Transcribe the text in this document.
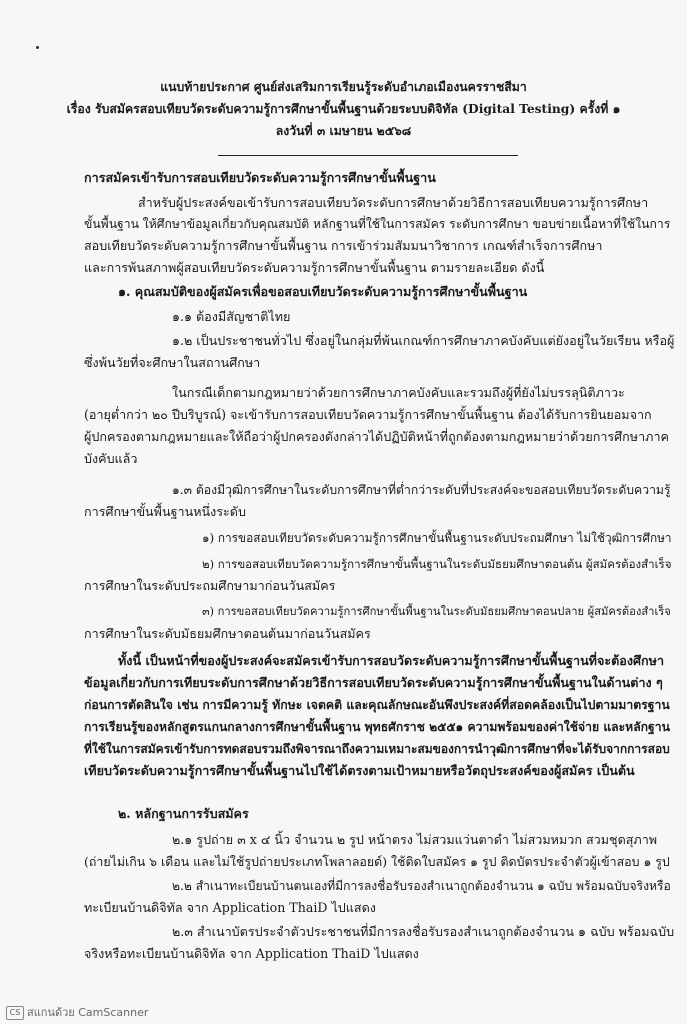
แนบท้ายประกาศ ศูนย์ส่งเสริมการเรียนรู้ระดับอำเภอเมืองนครราชสีมา
เรื่อง รับสมัครสอบเทียบวัดระดับความรู้การศึกษาขั้นพื้นฐานด้วยระบบดิจิทัล (Digital Testing) ครั้งที่ ๑
ลงวันที่ ๓ เมษายน ๒๕๖๘
การสมัครเข้ารับการสอบเทียบวัดระดับความรู้การศึกษาขั้นพื้นฐาน
สำหรับผู้ประสงค์ขอเข้ารับการสอบเทียบวัดระดับการศึกษาด้วยวิธีการสอบเทียบความรู้การศึกษา
ขั้นพื้นฐาน ให้ศึกษาข้อมูลเกี่ยวกับคุณสมบัติ หลักฐานที่ใช้ในการสมัคร ระดับการศึกษา ขอบข่ายเนื้อหาที่ใช้ในการ
สอบเทียบวัดระดับความรู้การศึกษาขั้นพื้นฐาน การเข้าร่วมสัมมนาวิชาการ เกณฑ์สำเร็จการศึกษา
และการพ้นสภาพผู้สอบเทียบวัดระดับความรู้การศึกษาขั้นพื้นฐาน ตามรายละเอียด ดังนี้
๑. คุณสมบัติของผู้สมัครเพื่อขอสอบเทียบวัดระดับความรู้การศึกษาขั้นพื้นฐาน
๑.๑ ต้องมีสัญชาติไทย
๑.๒ เป็นประชาชนทั่วไป ซึ่งอยู่ในกลุ่มที่พ้นเกณฑ์การศึกษาภาคบังคับแต่ยังอยู่ในวัยเรียน หรือผู้
ซึ่งพ้นวัยที่จะศึกษาในสถานศึกษา
ในกรณีเด็กตามกฎหมายว่าด้วยการศึกษาภาคบังคับและรวมถึงผู้ที่ยังไม่บรรลุนิติภาวะ
(อายุต่ำกว่า ๒๐ ปีบริบูรณ์) จะเข้ารับการสอบเทียบวัดความรู้การศึกษาขั้นพื้นฐาน ต้องได้รับการยินยอมจาก
ผู้ปกครองตามกฎหมายและให้ถือว่าผู้ปกครองดังกล่าวได้ปฏิบัติหน้าที่ถูกต้องตามกฎหมายว่าด้วยการศึกษาภาค
บังคับแล้ว
๑.๓ ต้องมีวุฒิการศึกษาในระดับการศึกษาที่ต่ำกว่าระดับที่ประสงค์จะขอสอบเทียบวัดระดับความรู้
การศึกษาขั้นพื้นฐานหนึ่งระดับ
๑) การขอสอบเทียบวัดระดับความรู้การศึกษาขั้นพื้นฐานระดับประถมศึกษา ไม่ใช้วุฒิการศึกษา
๒) การขอสอบเทียบวัดความรู้การศึกษาขั้นพื้นฐานในระดับมัธยมศึกษาตอนต้น ผู้สมัครต้องสำเร็จ
การศึกษาในระดับประถมศึกษามาก่อนวันสมัคร
๓) การขอสอบเทียบวัดความรู้การศึกษาขั้นพื้นฐานในระดับมัธยมศึกษาตอนปลาย ผู้สมัครต้องสำเร็จ
การศึกษาในระดับมัธยมศึกษาตอนต้นมาก่อนวันสมัคร
ทั้งนี้ เป็นหน้าที่ของผู้ประสงค์จะสมัครเข้ารับการสอบวัดระดับความรู้การศึกษาขั้นพื้นฐานที่จะต้องศึกษา
ข้อมูลเกี่ยวกับการเทียบระดับการศึกษาด้วยวิธีการสอบเทียบวัดระดับความรู้การศึกษาขั้นพื้นฐานในด้านต่าง ๆ
ก่อนการตัดสินใจ เช่น การมีความรู้ ทักษะ เจตคติ และคุณลักษณะอันพึงประสงค์ที่สอดคล้องเป็นไปตามมาตรฐาน
การเรียนรู้ของหลักสูตรแกนกลางการศึกษาขั้นพื้นฐาน พุทธศักราช ๒๕๕๑ ความพร้อมของค่าใช้จ่าย และหลักฐาน
ที่ใช้ในการสมัครเข้ารับการทดสอบรวมถึงพิจารณาถึงความเหมาะสมของการนำวุฒิการศึกษาที่จะได้รับจากการสอบ
เทียบวัดระดับความรู้การศึกษาขั้นพื้นฐานไปใช้ได้ตรงตามเป้าหมายหรือวัตถุประสงค์ของผู้สมัคร เป็นต้น
๒. หลักฐานการรับสมัคร
๒.๑ รูปถ่าย ๓ x ๔ นิ้ว จำนวน ๒ รูป หน้าตรง ไม่สวมแว่นตาดำ ไม่สวมหมวก สวมชุดสุภาพ
(ถ่ายไม่เกิน ๖ เดือน และไม่ใช้รูปถ่ายประเภทโพลาลอยด์) ใช้ติดใบสมัคร ๑ รูป ติดบัตรประจำตัวผู้เข้าสอบ ๑ รูป
๒.๒ สำเนาทะเบียนบ้านตนเองที่มีการลงชื่อรับรองสำเนาถูกต้องจำนวน ๑ ฉบับ พร้อมฉบับจริงหรือ
ทะเบียนบ้านดิจิทัล จาก Application ThaiD ไปแสดง
๒.๓ สำเนาบัตรประจำตัวประชาชนที่มีการลงชื่อรับรองสำเนาถูกต้องจำนวน ๑ ฉบับ พร้อมฉบับ
จริงหรือทะเบียนบ้านดิจิทัล จาก Application ThaiD ไปแสดง
CS สแกนด้วย CamScanner
